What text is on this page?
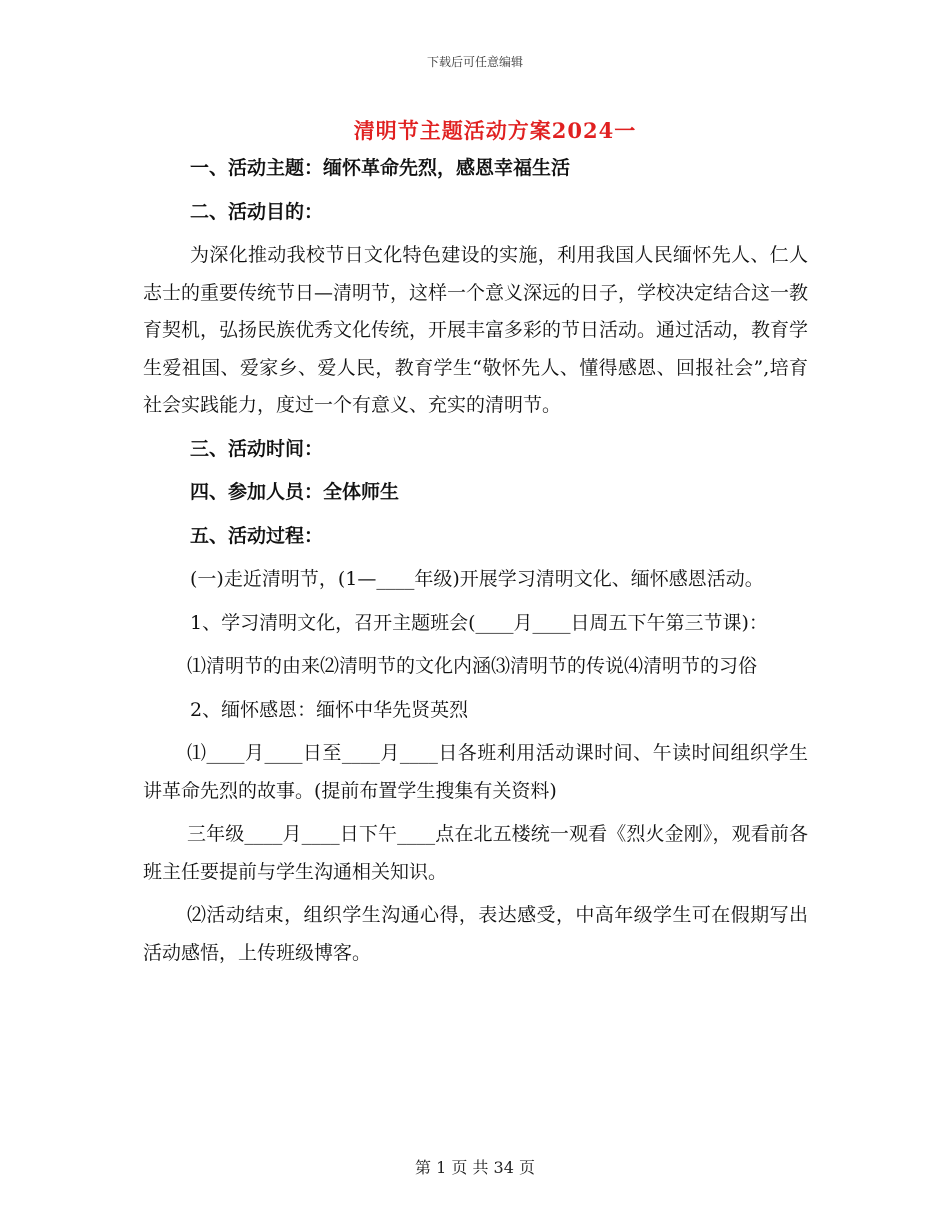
下载后可任意编辑
清明节主题活动方案2024一

一、活动主题：缅怀革命先烈，感恩幸福生活

二、活动目的：

为深化推动我校节日文化特色建设的实施，利用我国人民缅怀先人、仁人志士的重要传统节日—清明节，这样一个意义深远的日子，学校决定结合这一教育契机，弘扬民族优秀文化传统，开展丰富多彩的节日活动。通过活动，教育学生爱祖国、爱家乡、爱人民，教育学生“敬怀先人、懂得感恩、回报社会”,培育社会实践能力，度过一个有意义、充实的清明节。

三、活动时间：

四、参加人员：全体师生

五、活动过程：

(一)走近清明节，(1—____年级)开展学习清明文化、缅怀感恩活动。

1、学习清明文化，召开主题班会(____月____日周五下午第三节课)：

⑴清明节的由来⑵清明节的文化内涵⑶清明节的传说⑷清明节的习俗

2、缅怀感恩：缅怀中华先贤英烈

⑴____月____日至____月____日各班利用活动课时间、午读时间组织学生讲革命先烈的故事。(提前布置学生搜集有关资料)

三年级____月____日下午____点在北五楼统一观看《烈火金刚》，观看前各班主任要提前与学生沟通相关知识。

⑵活动结束，组织学生沟通心得，表达感受，中高年级学生可在假期写出活动感悟，上传班级博客。

第 1 页 共 34 页
